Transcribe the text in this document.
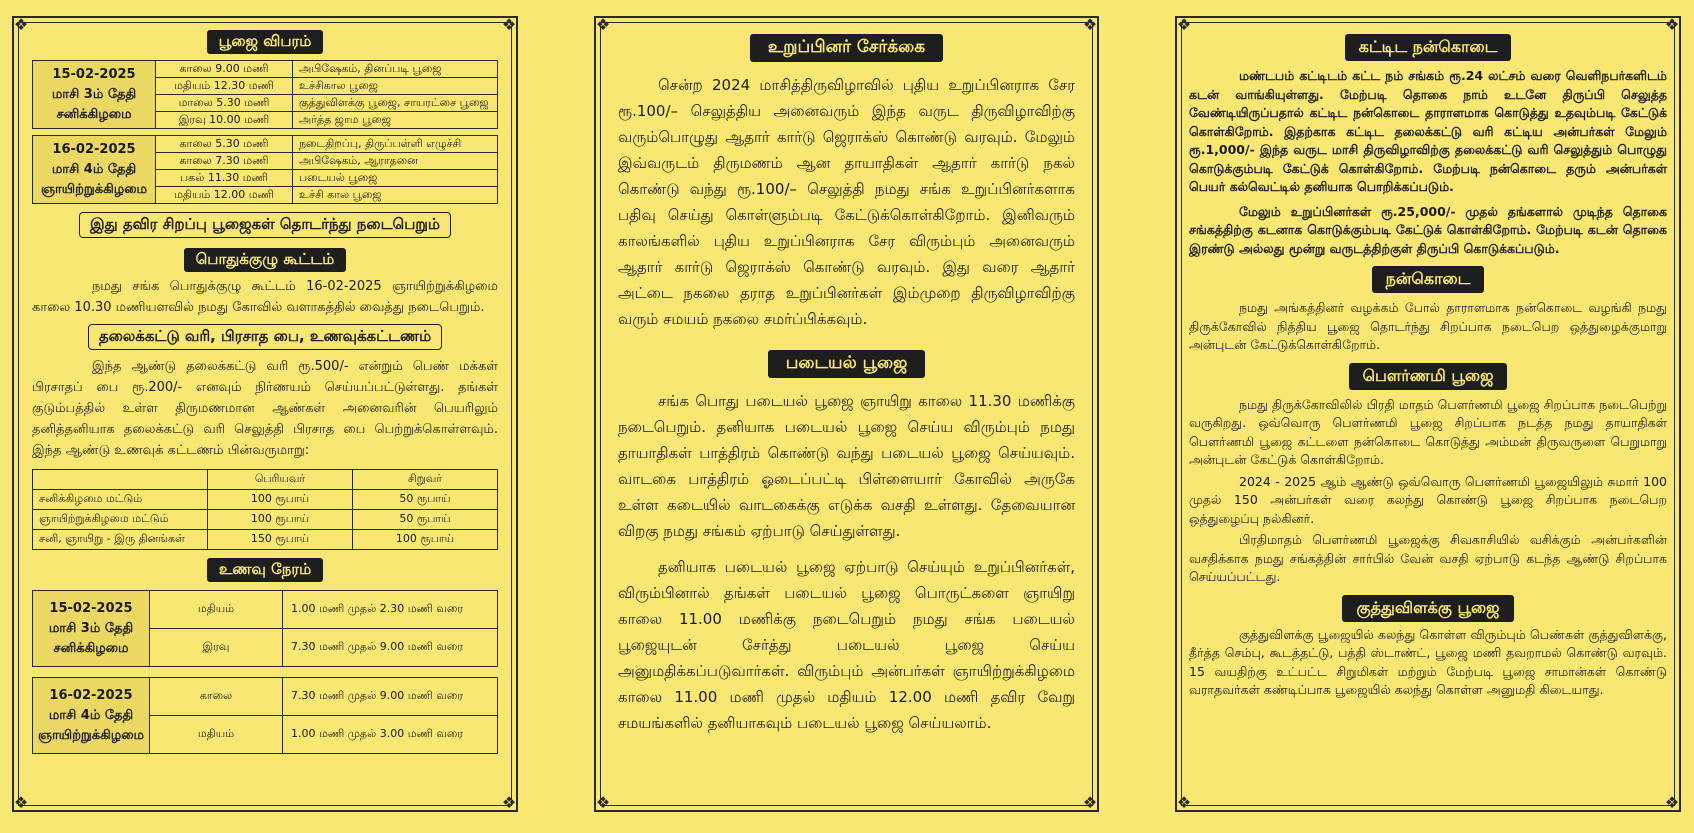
❖	❖
❖	❖
பூஜை விபரம்
15-02-2025
மாசி 3ம் தேதி
சனிக்கிழமை	காலை 9.00 மணி	அபிஷேகம், தினப்படி பூஜை
	மதியம் 12.30 மணி	உச்சிகால பூஜை
	மாலை 5.30 மணி	குத்துவிளக்கு பூஜை, சாயரட்சை பூஜை
	இரவு 10.00 மணி	அர்த்த ஜாம பூஜை
16-02-2025
மாசி 4ம் தேதி
ஞாயிற்றுக்கிழமை	காலை 5.30 மணி	நடைதிறப்பு, திருப்பள்ளி எழுச்சி
	காலை 7.30 மணி	அபிஷேகம், ஆராதனை
	பகல் 11.30 மணி	படையல் பூஜை
	மதியம் 12.00 மணி	உச்சி கால பூஜை
இது தவிர சிறப்பு பூஜைகள் தொடர்ந்து நடைபெறும்
பொதுக்குழு கூட்டம்

நமது சங்க பொதுக்குழு கூட்டம் 16-02-2025 ஞாயிற்றுக்கிழமை காலை 10.30 மணியளவில் நமது கோவில் வளாகத்தில் வைத்து நடைபெறும்.

தலைக்கட்டு வரி, பிரசாத பை, உணவுக்கட்டணம்

இந்த ஆண்டு தலைக்கட்டு வரி ரூ.500/- என்றும் பெண் மக்கள் பிரசாதப் பை ரூ.200/- எனவும் நிர்ணயம் செய்யப்பட்டுள்ளது. தங்கள் குடும்பத்தில் உள்ள திருமணமான ஆண்கள் அனைவரின் பெயரிலும் தனித்தனியாக தலைக்கட்டு வரி செலுத்தி பிரசாத பை பெற்றுக்கொள்ளவும். இந்த ஆண்டு உணவுக் கட்டணம் பின்வருமாறு:

	பெரியவர்	சிறுவர்
சனிக்கிழமை மட்டும்	100 ரூபாய்	50 ரூபாய்
ஞாயிற்றுக்கிழமை மட்டும்	100 ரூபாய்	50 ரூபாய்
சனி, ஞாயிறு - இரு தினங்கள்	150 ரூபாய்	100 ரூபாய்
உணவு நேரம்
15-02-2025
மாசி 3ம் தேதி
சனிக்கிழமை	மதியம்	1.00 மணி முதல் 2.30 மணி வரை
	இரவு	7.30 மணி முதல் 9.00 மணி வரை
16-02-2025
மாசி 4ம் தேதி
ஞாயிற்றுக்கிழமை	காலை	7.30 மணி முதல் 9.00 மணி வரை
	மதியம்	1.00 மணி முதல் 3.00 மணி வரை
❖	❖
❖	❖
உறுப்பினர் சேர்க்கை

சென்ற 2024 மாசித்திருவிழாவில் புதிய உறுப்பினராக சேர ரூ.100/– செலுத்திய அனைவரும் இந்த வருட திருவிழாவிற்கு வரும்பொழுது ஆதார் கார்டு ஜெராக்ஸ் கொண்டு வரவும். மேலும் இவ்வருடம் திருமணம் ஆன தாயாதிகள் ஆதார் கார்டு நகல் கொண்டு வந்து ரூ.100/– செலுத்தி நமது சங்க உறுப்பினர்களாக பதிவு செய்து கொள்ளும்படி கேட்டுக்கொள்கிறோம். இனிவரும் காலங்களில் புதிய உறுப்பினராக சேர விரும்பும் அனைவரும் ஆதார் கார்டு ஜெராக்ஸ் கொண்டு வரவும். இது வரை ஆதார் அட்டை நகலை தராத உறுப்பினர்கள் இம்முறை திருவிழாவிற்கு வரும் சமயம் நகலை சமர்ப்பிக்கவும்.

படையல் பூஜை

சங்க பொது படையல் பூஜை ஞாயிறு காலை 11.30 மணிக்கு நடைபெறும். தனியாக படையல் பூஜை செய்ய விரும்பும் நமது தாயாதிகள் பாத்திரம் கொண்டு வந்து படையல் பூஜை செய்யவும். வாடகை பாத்திரம் ஓடைப்பட்டி பிள்ளையார் கோவில் அருகே உள்ள கடையில் வாடகைக்கு எடுக்க வசதி உள்ளது. தேவையான விறகு நமது சங்கம் ஏற்பாடு செய்துள்ளது.

தனியாக படையல் பூஜை ஏற்பாடு செய்யும் உறுப்பினர்கள், விரும்பினால் தங்கள் படையல் பூஜை பொருட்களை ஞாயிறு காலை 11.00 மணிக்கு நடைபெறும் நமது சங்க படையல் பூஜையுடன் சேர்த்து படையல் பூஜை செய்ய அனுமதிக்கப்படுவார்கள். விரும்பும் அன்பர்கள் ஞாயிற்றுக்கிழமை காலை 11.00 மணி முதல் மதியம் 12.00 மணி தவிர வேறு சமயங்களில் தனியாகவும் படையல் பூஜை செய்யலாம்.

❖	❖
❖	❖
கட்டிட நன்கொடை

மண்டபம் கட்டிடம் கட்ட நம் சங்கம் ரூ.24 லட்சம் வரை வெளிநபர்களிடம் கடன் வாங்கியுள்ளது. மேற்படி தொகை நாம் உடனே திருப்பி செலுத்த வேண்டியிருப்பதால் கட்டிட நன்கொடை தாராளமாக கொடுத்து உதவும்படி கேட்டுக் கொள்கிறோம். இதற்காக கட்டிட தலைக்கட்டு வரி கட்டிய அன்பர்கள் மேலும் ரூ.1,000/- இந்த வருட மாசி திருவிழாவிற்கு தலைக்கட்டு வரி செலுத்தும் பொழுது கொடுக்கும்படி கேட்டுக் கொள்கிறோம். மேற்படி நன்கொடை தரும் அன்பர்கள் பெயர் கல்வெட்டில் தனியாக பொறிக்கப்படும்.

மேலும் உறுப்பினர்கள் ரூ.25,000/- முதல் தங்களால் முடிந்த தொகை சங்கத்திற்கு கடனாக கொடுக்கும்படி கேட்டுக் கொள்கிறோம். மேற்படி கடன் தொகை இரண்டு அல்லது மூன்று வருடத்திற்குள் திருப்பி கொடுக்கப்படும்.

நன்கொடை

நமது அங்கத்தினர் வழக்கம் போல் தாராளமாக நன்கொடை வழங்கி நமது திருக்கோவில் நித்திய பூஜை தொடர்ந்து சிறப்பாக நடைபெற ஒத்துழைக்குமாறு அன்புடன் கேட்டுக்கொள்கிறோம்.

பௌர்ணமி பூஜை

நமது திருக்கோவிலில் பிரதி மாதம் பௌர்ணமி பூஜை சிறப்பாக நடைபெற்று வருகிறது. ஒவ்வொரு பௌர்ணமி பூஜை சிறப்பாக நடத்த நமது தாயாதிகள் பௌர்ணமி பூஜை கட்டளை நன்கொடை கொடுத்து அம்மன் திருவருளை பெறுமாறு அன்புடன் கேட்டுக் கொள்கிறோம்.

2024 - 2025 ஆம் ஆண்டு ஒவ்வொரு பௌர்ணமி பூஜையிலும் சுமார் 100 முதல் 150 அன்பர்கள் வரை கலந்து கொண்டு பூஜை சிறப்பாக நடைபெற ஒத்துழைப்பு நல்கினர்.

பிரதிமாதம் பௌர்ணமி பூஜைக்கு சிவகாசியில் வசிக்கும் அன்பர்களின் வசதிக்காக நமது சங்கத்தின் சார்பில் வேன் வசதி ஏற்பாடு கடந்த ஆண்டு சிறப்பாக செய்யப்பட்டது.

குத்துவிளக்கு பூஜை

குத்துவிளக்கு பூஜையில் கலந்து கொள்ள விரும்பும் பெண்கள் குத்துவிளக்கு, தீர்த்த செம்பு, கூடத்தட்டு, பத்தி ஸ்டாண்ட், பூஜை மணி தவறாமல் கொண்டு வரவும். 15 வயதிற்கு உட்பட்ட சிறுமிகள் மற்றும் மேற்படி பூஜை சாமான்கள் கொண்டு வராதவர்கள் கண்டிப்பாக பூஜையில் கலந்து கொள்ள அனுமதி கிடையாது.
